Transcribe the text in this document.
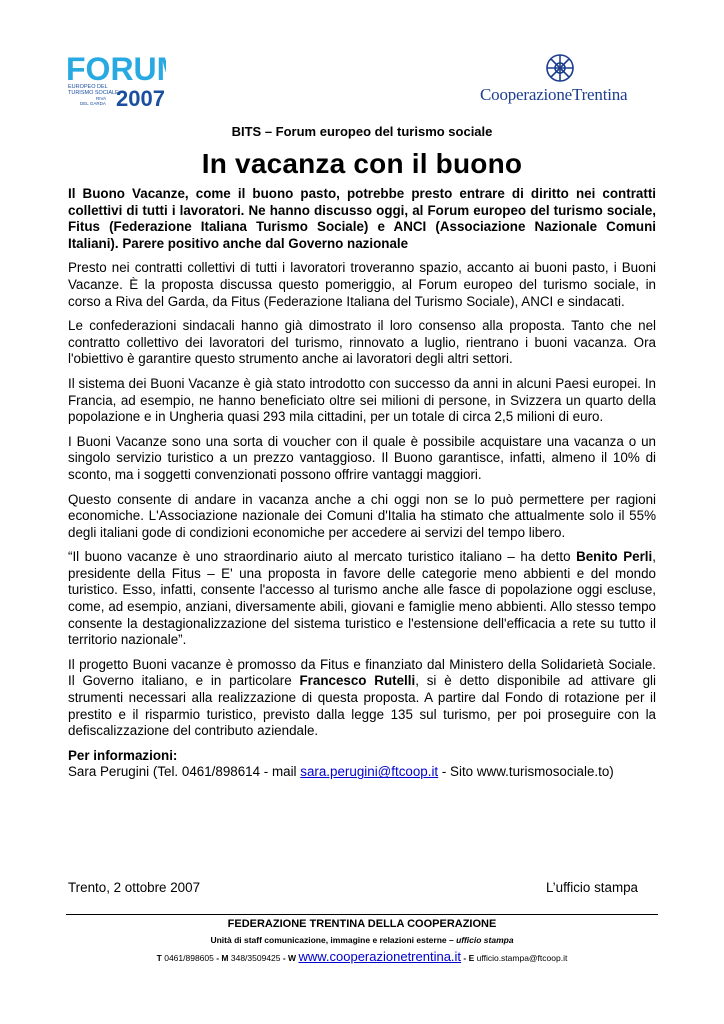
FORU
EUROPEO DEL
TURISMO SOCIALE
RIVA
DEL GARDA 2007	CooperazioneTrentina
BITS – Forum europeo del turismo sociale
In vacanza con il buono

Il Buono Vacanze, come il buono pasto, potrebbe presto entrare di diritto nei contratti collettivi di tutti i lavoratori. Ne hanno discusso oggi, al Forum europeo del turismo sociale, Fitus (Federazione Italiana Turismo Sociale) e ANCI (Associazione Nazionale Comuni Italiani). Parere positivo anche dal Governo nazionale

Presto nei contratti collettivi di tutti i lavoratori troveranno spazio, accanto ai buoni pasto, i Buoni Vacanze. È la proposta discussa questo pomeriggio, al Forum europeo del turismo sociale, in corso a Riva del Garda, da Fitus (Federazione Italiana del Turismo Sociale), ANCI e sindacati.

Le confederazioni sindacali hanno già dimostrato il loro consenso alla proposta. Tanto che nel contratto collettivo dei lavoratori del turismo, rinnovato a luglio, rientrano i buoni vacanza. Ora l'obiettivo è garantire questo strumento anche ai lavoratori degli altri settori.

Il sistema dei Buoni Vacanze è già stato introdotto con successo da anni in alcuni Paesi europei. In Francia, ad esempio, ne hanno beneficiato oltre sei milioni di persone, in Svizzera un quarto della popolazione e in Ungheria quasi 293 mila cittadini, per un totale di circa 2,5 milioni di euro.

I Buoni Vacanze sono una sorta di voucher con il quale è possibile acquistare una vacanza o un singolo servizio turistico a un prezzo vantaggioso. Il Buono garantisce, infatti, almeno il 10% di sconto, ma i soggetti convenzionati possono offrire vantaggi maggiori.

Questo consente di andare in vacanza anche a chi oggi non se lo può permettere per ragioni economiche. L'Associazione nazionale dei Comuni d'Italia ha stimato che attualmente solo il 55% degli italiani gode di condizioni economiche per accedere ai servizi del tempo libero.

“Il buono vacanze è uno straordinario aiuto al mercato turistico italiano – ha detto Benito Perli, presidente della Fitus – E' una proposta in favore delle categorie meno abbienti e del mondo turistico. Esso, infatti, consente l'accesso al turismo anche alle fasce di popolazione oggi escluse, come, ad esempio, anziani, diversamente abili, giovani e famiglie meno abbienti. Allo stesso tempo consente la destagionalizzazione del sistema turistico e l'estensione dell'efficacia a rete su tutto il territorio nazionale”.

Il progetto Buoni vacanze è promosso da Fitus e finanziato dal Ministero della Solidarietà Sociale. Il Governo italiano, e in particolare Francesco Rutelli, si è detto disponibile ad attivare gli strumenti necessari alla realizzazione di questa proposta. A partire dal Fondo di rotazione per il prestito e il risparmio turistico, previsto dalla legge 135 sul turismo, per poi proseguire con la defiscalizzazione del contributo aziendale.

Per informazioni:
Sara Perugini (Tel. 0461/898614 - mail sara.perugini@ftcoop.it - Sito www.turismosociale.to)
Trento, 2 ottobre 2007	L’ufficio stampa
FEDERAZIONE TRENTINA DELLA COOPERAZIONE
Unità di staff comunicazione, immagine e relazioni esterne – ufficio stampa
T 0461/898605 - M 348/3509425 - W www.cooperazionetrentina.it - E ufficio.stampa@ftcoop.it
